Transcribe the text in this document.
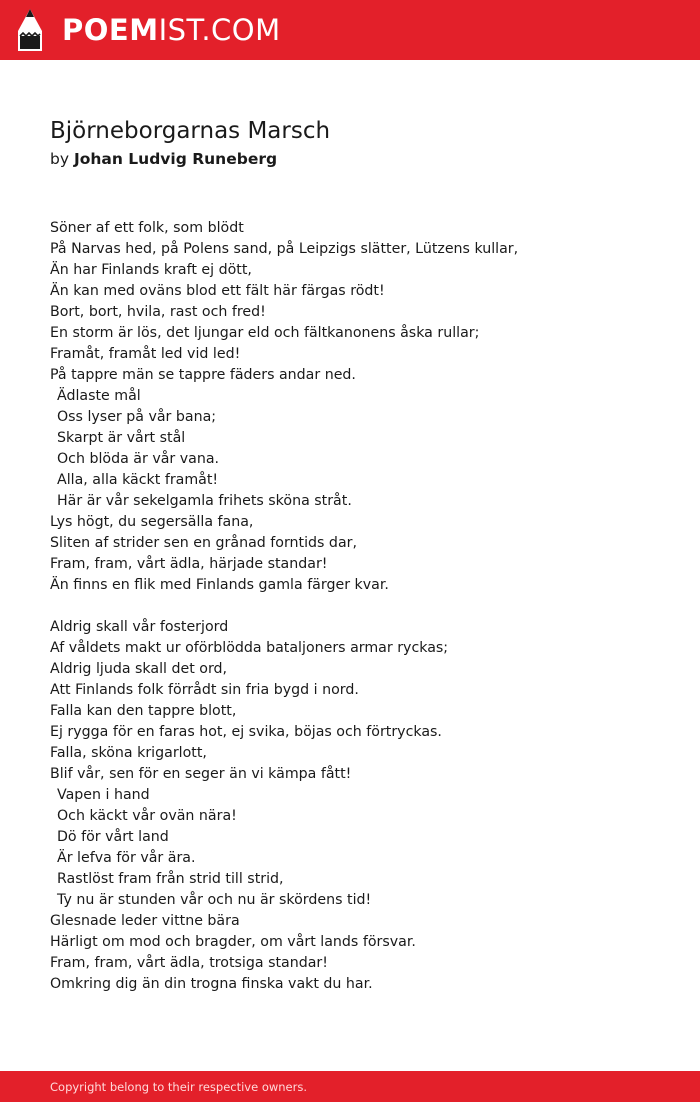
POEMIST.COM
Björneborgarnas Marsch
by Johan Ludvig Runeberg
Söner af ett folk, som blödt
På Narvas hed, på Polens sand, på Leipzigs slätter, Lützens kullar,
Än har Finlands kraft ej dött,
Än kan med oväns blod ett fält här färgas rödt!
Bort, bort, hvila, rast och fred!
En storm är lös, det ljungar eld och fältkanonens åska rullar;
Framåt, framåt led vid led!
På tappre män se tappre fäders andar ned.
Ädlaste mål
Oss lyser på vår bana;
Skarpt är vårt stål
Och blöda är vår vana.
Alla, alla käckt framåt!
Här är vår sekelgamla frihets sköna stråt.
Lys högt, du segersälla fana,
Sliten af strider sen en grånad forntids dar,
Fram, fram, vårt ädla, härjade standar!
Än finns en flik med Finlands gamla färger kvar.
Aldrig skall vår fosterjord
Af våldets makt ur oförblödda bataljoners armar ryckas;
Aldrig ljuda skall det ord,
Att Finlands folk förrådt sin fria bygd i nord.
Falla kan den tappre blott,
Ej rygga för en faras hot, ej svika, böjas och förtryckas.
Falla, sköna krigarlott,
Blif vår, sen för en seger än vi kämpa fått!
Vapen i hand
Och käckt vår ovän nära!
Dö för vårt land
Är lefva för vår ära.
Rastlöst fram från strid till strid,
Ty nu är stunden vår och nu är skördens tid!
Glesnade leder vittne bära
Härligt om mod och bragder, om vårt lands försvar.
Fram, fram, vårt ädla, trotsiga standar!
Omkring dig än din trogna finska vakt du har.
Copyright belong to their respective owners.
